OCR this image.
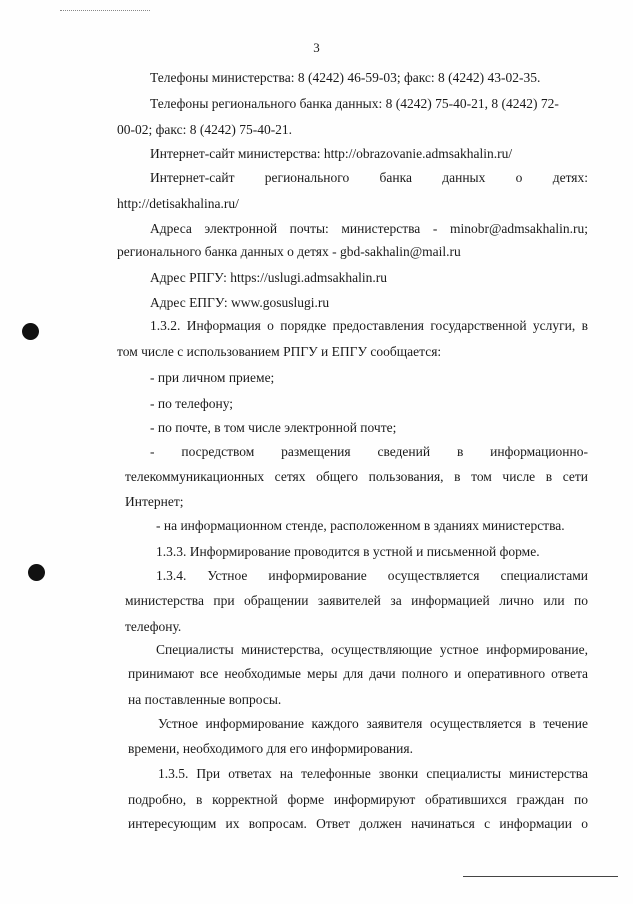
3
Телефоны министерства: 8 (4242) 46-59-03; факс: 8 (4242) 43-02-35.
Телефоны регионального банка данных: 8 (4242) 75-40-21, 8 (4242) 72-
00-02; факс: 8 (4242) 75-40-21.
Интернет-сайт министерства: http://obrazovanie.admsakhalin.ru/
Интернет-сайт регионального банка данных о детях:
http://detisakhalina.ru/
Адреса электронной почты: министерства - minobr@admsakhalin.ru;
регионального банка данных о детях - gbd-sakhalin@mail.ru
Адрес РПГУ: https://uslugi.admsakhalin.ru
Адрес ЕПГУ: www.gosuslugi.ru
1.3.2. Информация о порядке предоставления государственной услуги, в
том числе с использованием РПГУ и ЕПГУ сообщается:
- при личном приеме;
- по телефону;
- по почте, в том числе электронной почте;
- посредством размещения сведений в информационно-
телекоммуникационных сетях общего пользования, в том числе в сети
Интернет;
- на информационном стенде, расположенном в зданиях министерства.
1.3.3. Информирование проводится в устной и письменной форме.
1.3.4. Устное информирование осуществляется специалистами
министерства при обращении заявителей за информацией лично или по
телефону.
Специалисты министерства, осуществляющие устное информирование,
принимают все необходимые меры для дачи полного и оперативного ответа
на поставленные вопросы.
Устное информирование каждого заявителя осуществляется в течение
времени, необходимого для его информирования.
1.3.5. При ответах на телефонные звонки специалисты министерства
подробно, в корректной форме информируют обратившихся граждан по
интересующим их вопросам. Ответ должен начинаться с информации о
